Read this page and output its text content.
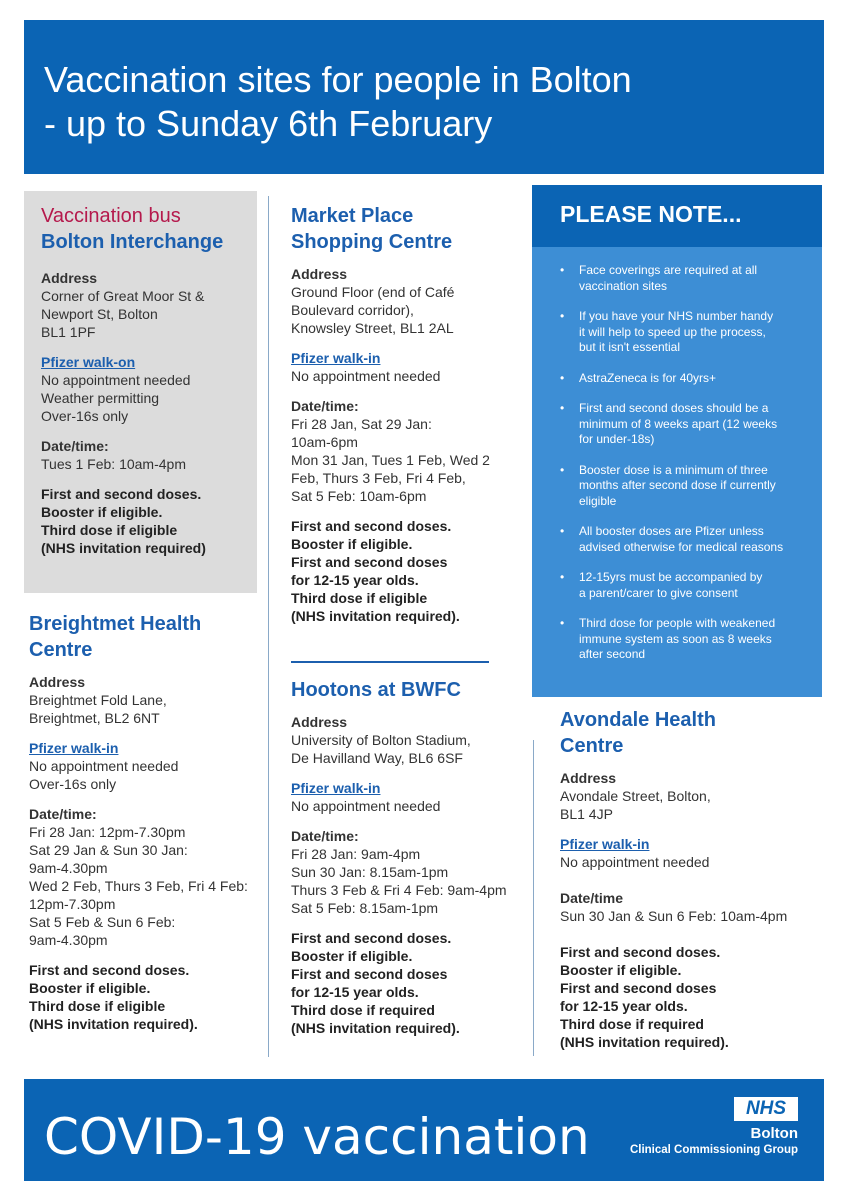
Vaccination sites for people in Bolton
- up to Sunday 6th February
Vaccination bus
Bolton Interchange
Address
Corner of Great Moor St &
Newport St, Bolton
BL1 1PF
Pfizer walk-on
No appointment needed
Weather permitting
Over-16s only
Date/time:
Tues 1 Feb: 10am-4pm
First and second doses.
Booster if eligible.
Third dose if eligible
(NHS invitation required)
Breightmet Health
Centre
Address
Breightmet Fold Lane,
Breightmet, BL2 6NT
Pfizer walk-in
No appointment needed
Over-16s only
Date/time:
Fri 28 Jan: 12pm-7.30pm
Sat 29 Jan & Sun 30 Jan:
9am-4.30pm
Wed 2 Feb, Thurs 3 Feb, Fri 4 Feb:
12pm-7.30pm
Sat 5 Feb & Sun 6 Feb:
9am-4.30pm
First and second doses.
Booster if eligible.
Third dose if eligible
(NHS invitation required).
Market Place
Shopping Centre
Address
Ground Floor (end of Café
Boulevard corridor),
Knowsley Street, BL1 2AL
Pfizer walk-in
No appointment needed
Date/time:
Fri 28 Jan, Sat 29 Jan:
10am-6pm
Mon 31 Jan, Tues 1 Feb, Wed 2
Feb, Thurs 3 Feb, Fri 4 Feb,
Sat 5 Feb: 10am-6pm
First and second doses.
Booster if eligible.
First and second doses
for 12-15 year olds.
Third dose if eligible
(NHS invitation required).
Hootons at BWFC
Address
University of Bolton Stadium,
De Havilland Way, BL6 6SF
Pfizer walk-in
No appointment needed
Date/time:
Fri 28 Jan: 9am-4pm
Sun 30 Jan: 8.15am-1pm
Thurs 3 Feb & Fri 4 Feb: 9am-4pm
Sat 5 Feb: 8.15am-1pm
First and second doses.
Booster if eligible.
First and second doses
for 12-15 year olds.
Third dose if required
(NHS invitation required).
PLEASE NOTE...
• Face coverings are required at all
vaccination sites
• If you have your NHS number handy
it will help to speed up the process,
but it isn't essential
• AstraZeneca is for 40yrs+
• First and second doses should be a
minimum of 8 weeks apart (12 weeks
for under-18s)
• Booster dose is a minimum of three
months after second dose if currently
eligible
• All booster doses are Pfizer unless
advised otherwise for medical reasons
• 12-15yrs must be accompanied by
a parent/carer to give consent
• Third dose for people with weakened
immune system as soon as 8 weeks
after second
Avondale Health
Centre
Address
Avondale Street, Bolton,
BL1 4JP
Pfizer walk-in
No appointment needed
Date/time
Sun 30 Jan & Sun 6 Feb: 10am-4pm
First and second doses.
Booster if eligible.
First and second doses
for 12-15 year olds.
Third dose if required
(NHS invitation required).
COVID-19 vaccination	NHS
Bolton
Clinical Commissioning Group
